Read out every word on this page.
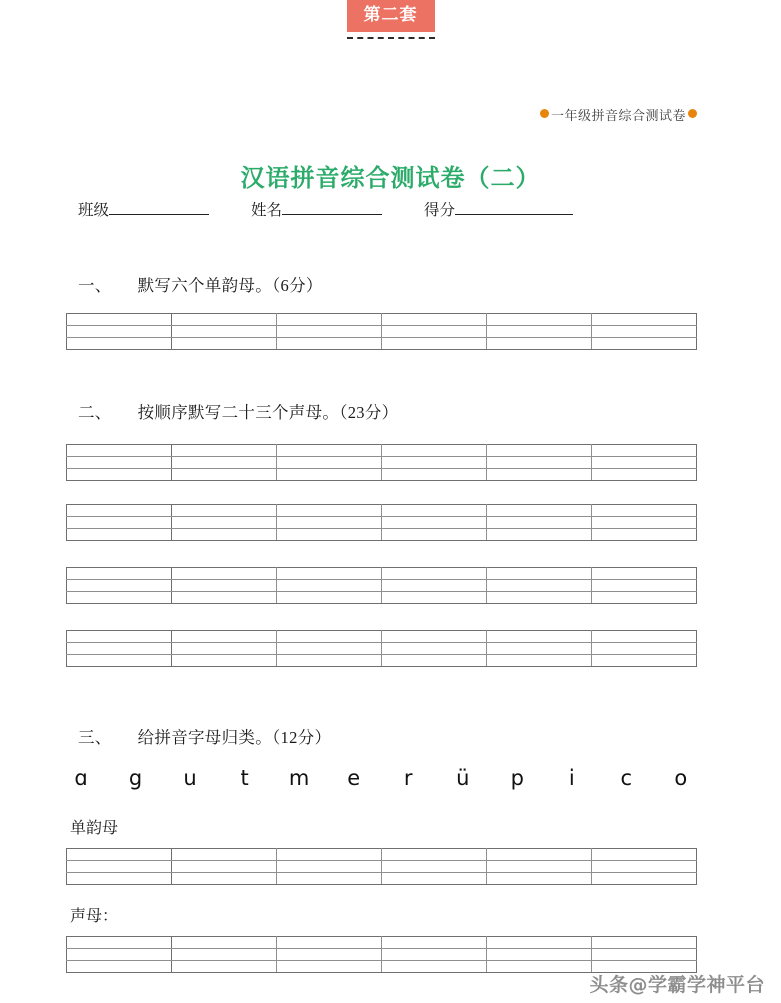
第二套
一年级拼音综合测试卷
汉语拼音综合测试卷（二）
班级	姓名	得分
一、 默写六个单韵母。（6分）

二、 按顺序默写二十三个声母。（23分）

三、 给拼音字母归类。（12分）
ɑ g u	t	m e	r	ü p	i	c o
单韵母

声母：

头条@学霸学神平台
